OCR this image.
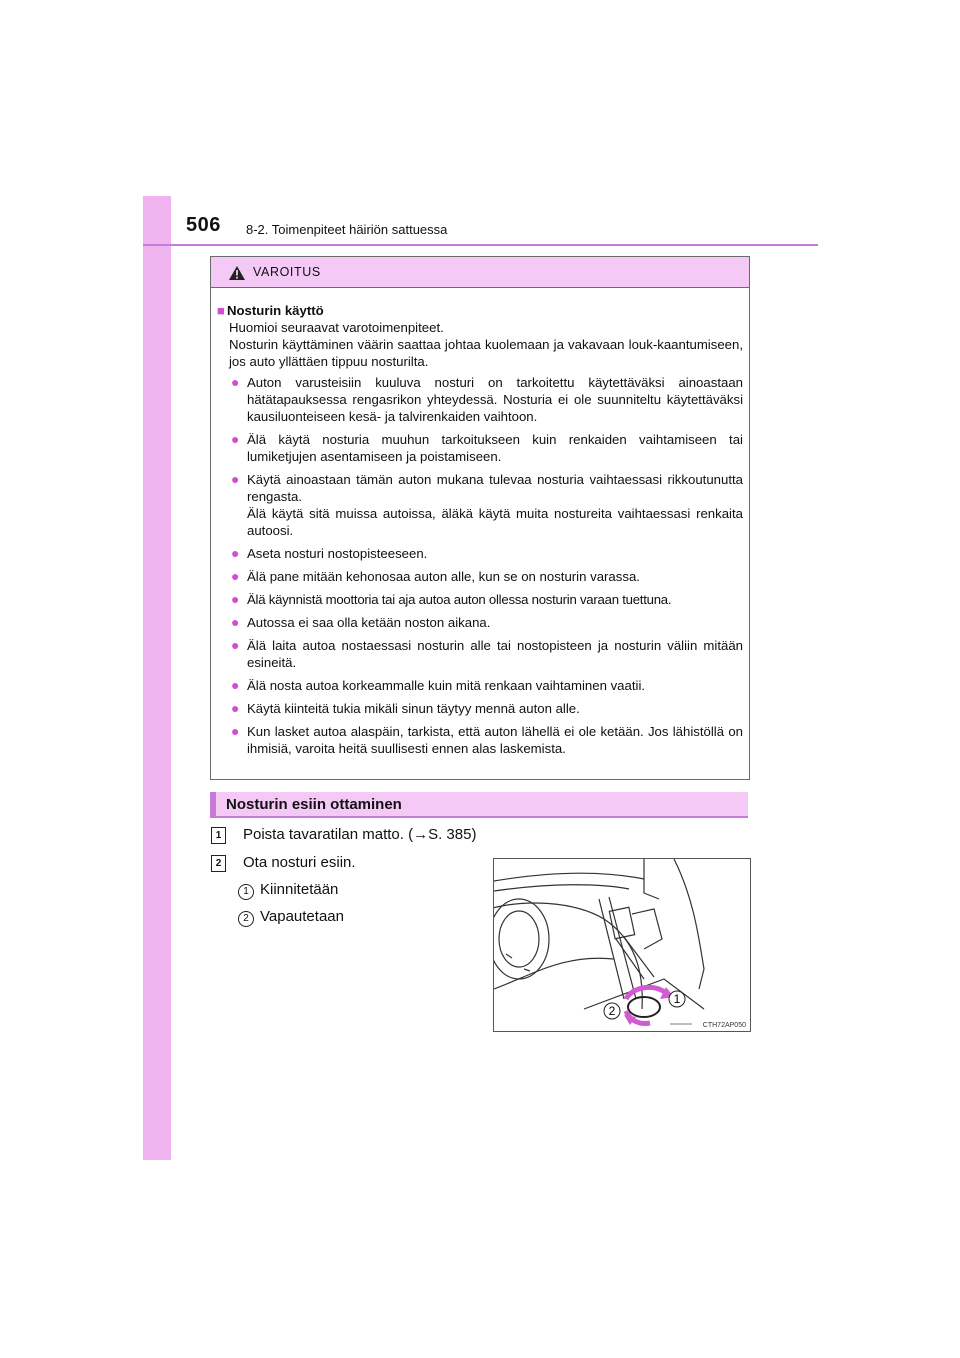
506 8-2. Toimenpiteet häiriön sattuessa
VAROITUS
■ Nosturin käyttö
Huomioi seuraavat varotoimenpiteet.
Nosturin käyttäminen väärin saattaa johtaa kuolemaan ja vakavaan louk-kaantumiseen, jos auto yllättäen tippuu nosturilta.
● Auton varusteisiin kuuluva nosturi on tarkoitettu käytettäväksi ainoastaan hätätapauksessa rengasrikon yhteydessä. Nosturia ei ole suunniteltu käytettäväksi kausiluonteiseen kesä- ja talvirenkaiden vaihtoon.
● Älä käytä nosturia muuhun tarkoitukseen kuin renkaiden vaihtamiseen tai lumiketjujen asentamiseen ja poistamiseen.
● Käytä ainoastaan tämän auton mukana tulevaa nosturia vaihtaessasi rikkoutunutta rengasta.
Älä käytä sitä muissa autoissa, äläkä käytä muita nostureita vaihtaessasi renkaita autoosi.
● Aseta nosturi nostopisteeseen.
● Älä pane mitään kehonosaa auton alle, kun se on nosturin varassa.
● Älä käynnistä moottoria tai aja autoa auton ollessa nosturin varaan tuettuna.
● Autossa ei saa olla ketään noston aikana.
● Älä laita autoa nostaessasi nosturin alle tai nostopisteen ja nosturin väliin mitään esineitä.
● Älä nosta autoa korkeammalle kuin mitä renkaan vaihtaminen vaatii.
● Käytä kiinteitä tukia mikäli sinun täytyy mennä auton alle.
● Kun lasket autoa alaspäin, tarkista, että auton lähellä ei ole ketään. Jos lähistöllä on ihmisiä, varoita heitä suullisesti ennen alas laskemista.
Nosturin esiin ottaminen
1	Poista tavaratilan matto. (→S. 385)
2	Ota nosturi esiin.
1 Kiinnitetään
2 Vapautetaan
1
2
CTH72AP050
